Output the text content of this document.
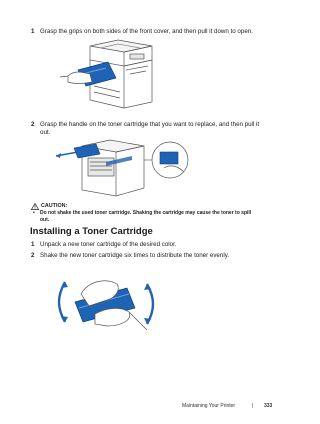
1 Grasp the grips on both sides of the front cover, and then pull it down to open.
2 Grasp the handle on the toner cartridge that you want to replace, and then pull it
out.
CAUTION:
• Do not shake the used toner cartridge. Shaking the cartridge may cause the toner to spill
out.
Installing a Toner Cartridge
1 Unpack a new toner cartridge of the desired color.
2 Shake the new toner cartridge six times to distribute the toner evenly.
Maintaining Your Printer	| 333
